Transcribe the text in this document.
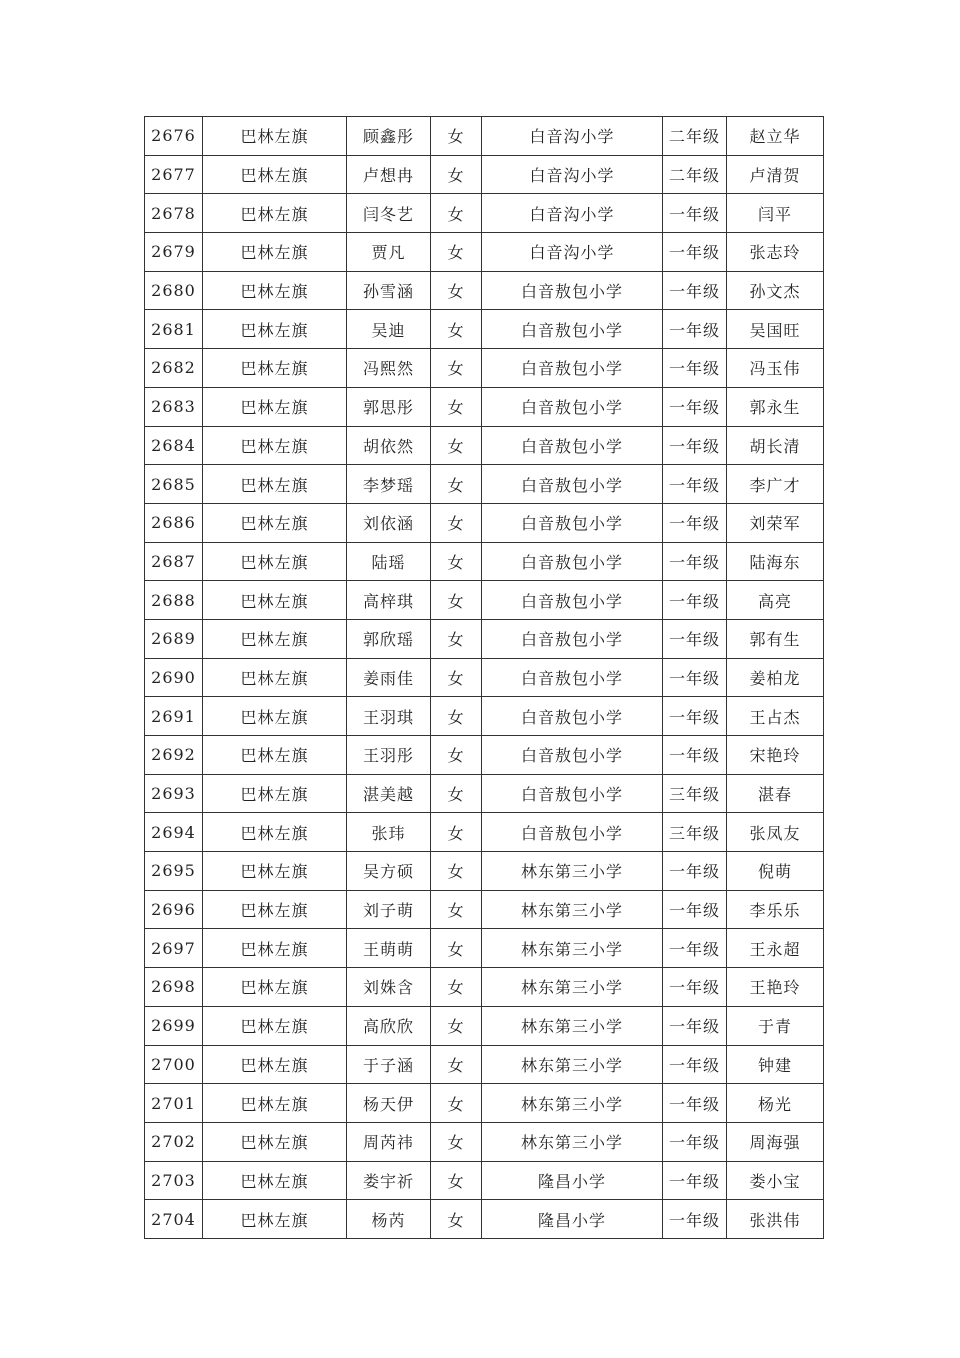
2676	巴林左旗	顾鑫彤	女	白音沟小学	二年级	赵立华
2677	巴林左旗	卢想冉	女	白音沟小学	二年级	卢清贺
2678	巴林左旗	闫冬艺	女	白音沟小学	一年级	闫平
2679	巴林左旗	贾凡	女	白音沟小学	一年级	张志玲
2680	巴林左旗	孙雪涵	女	白音敖包小学	一年级	孙文杰
2681	巴林左旗	吴迪	女	白音敖包小学	一年级	吴国旺
2682	巴林左旗	冯熙然	女	白音敖包小学	一年级	冯玉伟
2683	巴林左旗	郭思彤	女	白音敖包小学	一年级	郭永生
2684	巴林左旗	胡依然	女	白音敖包小学	一年级	胡长清
2685	巴林左旗	李梦瑶	女	白音敖包小学	一年级	李广才
2686	巴林左旗	刘依涵	女	白音敖包小学	一年级	刘荣军
2687	巴林左旗	陆瑶	女	白音敖包小学	一年级	陆海东
2688	巴林左旗	高梓琪	女	白音敖包小学	一年级	高亮
2689	巴林左旗	郭欣瑶	女	白音敖包小学	一年级	郭有生
2690	巴林左旗	姜雨佳	女	白音敖包小学	一年级	姜柏龙
2691	巴林左旗	王羽琪	女	白音敖包小学	一年级	王占杰
2692	巴林左旗	王羽彤	女	白音敖包小学	一年级	宋艳玲
2693	巴林左旗	湛美越	女	白音敖包小学	三年级	湛春
2694	巴林左旗	张玮	女	白音敖包小学	三年级	张凤友
2695	巴林左旗	吴方硕	女	林东第三小学	一年级	倪萌
2696	巴林左旗	刘子萌	女	林东第三小学	一年级	李乐乐
2697	巴林左旗	王萌萌	女	林东第三小学	一年级	王永超
2698	巴林左旗	刘姝含	女	林东第三小学	一年级	王艳玲
2699	巴林左旗	高欣欣	女	林东第三小学	一年级	于青
2700	巴林左旗	于子涵	女	林东第三小学	一年级	钟建
2701	巴林左旗	杨天伊	女	林东第三小学	一年级	杨光
2702	巴林左旗	周芮祎	女	林东第三小学	一年级	周海强
2703	巴林左旗	娄宇祈	女	隆昌小学	一年级	娄小宝
2704	巴林左旗	杨芮	女	隆昌小学	一年级	张洪伟
